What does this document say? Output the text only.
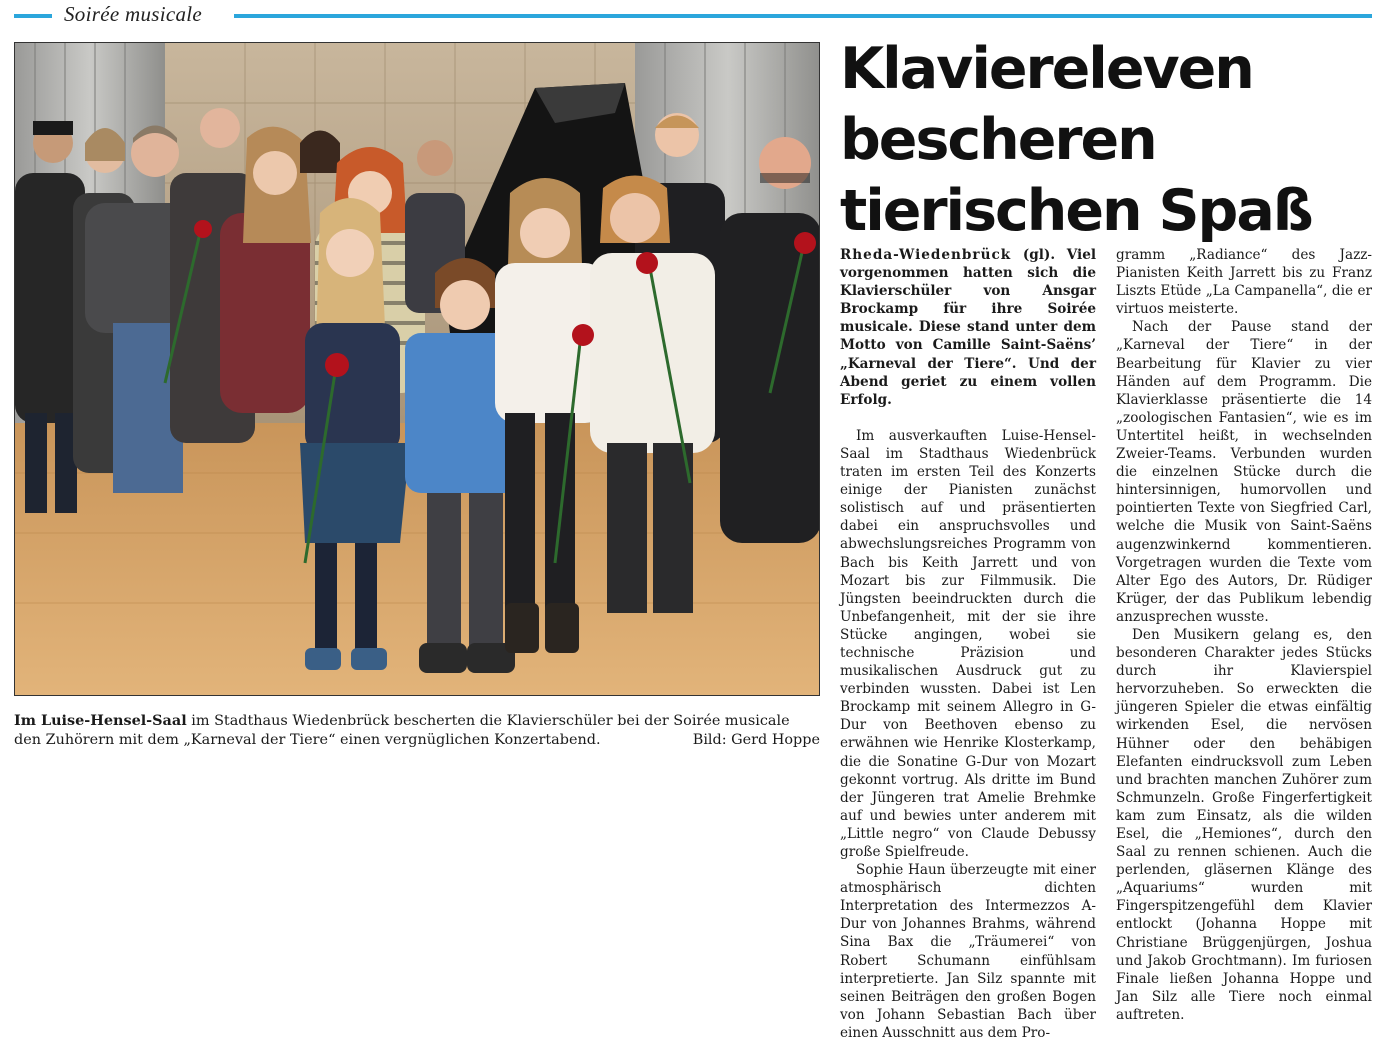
Soirée musicale
Im Luise-Hensel-Saal im Stadthaus Wiedenbrück bescherten die Klavierschüler bei der Soirée musicale den Zuhörern mit dem „Karneval der Tiere“ einen vergnüglichen Konzertabend.	Bild: Gerd Hoppe
Klaviereleven
bescheren
tierischen Spaß

Rheda-Wiedenbrück (gl). Viel vorgenommen hatten sich die Klavierschüler von Ansgar Brockamp für ihre Soirée musicale. Diese stand unter dem Motto von Camille Saint-Saëns’ „Karneval der Tiere“. Und der Abend geriet zu einem vollen Erfolg.

Im ausverkauften Luise-Hensel-Saal im Stadthaus Wiedenbrück traten im ersten Teil des Konzerts einige der Pianisten zunächst solistisch auf und präsentierten dabei ein anspruchsvolles und abwechslungsreiches Programm von Bach bis Keith Jarrett und von Mozart bis zur Filmmusik. Die Jüngsten beeindruckten durch die Unbefangenheit, mit der sie ihre Stücke angingen, wobei sie technische Präzision und musikalischen Ausdruck gut zu verbinden wussten. Dabei ist Len Brockamp mit seinem Allegro in G-Dur von Beethoven ebenso zu erwähnen wie Henrike Klosterkamp, die die Sonatine G-Dur von Mozart gekonnt vortrug. Als dritte im Bund der Jüngeren trat Amelie Brehmke auf und bewies unter anderem mit „Little negro“ von Claude Debussy große Spielfreude.

Sophie Haun überzeugte mit einer atmosphärisch dichten Interpretation des Intermezzos A-Dur von Johannes Brahms, während Sina Bax die „Träumerei“ von Robert Schumann einfühlsam interpretierte. Jan Silz spannte mit seinen Beiträgen den großen Bogen von Johann Sebastian Bach über einen Ausschnitt aus dem Pro-

gramm „Radiance“ des Jazz-Pianisten Keith Jarrett bis zu Franz Liszts Etüde „La Campanella“, die er virtuos meisterte.

Nach der Pause stand der „Karneval der Tiere“ in der Bearbeitung für Klavier zu vier Händen auf dem Programm. Die Klavierklasse präsentierte die 14 „zoologischen Fantasien“, wie es im Untertitel heißt, in wechselnden Zweier-Teams. Verbunden wurden die einzelnen Stücke durch die hintersinnigen, humorvollen und pointierten Texte von Siegfried Carl, welche die Musik von Saint-Saëns augenzwinkernd kommentieren. Vorgetragen wurden die Texte vom Alter Ego des Autors, Dr. Rüdiger Krüger, der das Publikum lebendig anzusprechen wusste.

Den Musikern gelang es, den besonderen Charakter jedes Stücks durch ihr Klavierspiel hervorzuheben. So erweckten die jüngeren Spieler die etwas einfältig wirkenden Esel, die nervösen Hühner oder den behäbigen Elefanten eindrucksvoll zum Leben und brachten manchen Zuhörer zum Schmunzeln. Große Fingerfertigkeit kam zum Einsatz, als die wilden Esel, die „Hemiones“, durch den Saal zu rennen schienen. Auch die perlenden, gläsernen Klänge des „Aquariums“ wurden mit Fingerspitzengefühl dem Klavier entlockt (Johanna Hoppe mit Christiane Brüggenjürgen, Joshua und Jakob Grochtmann). Im furiosen Finale ließen Johanna Hoppe und Jan Silz alle Tiere noch einmal auftreten.
